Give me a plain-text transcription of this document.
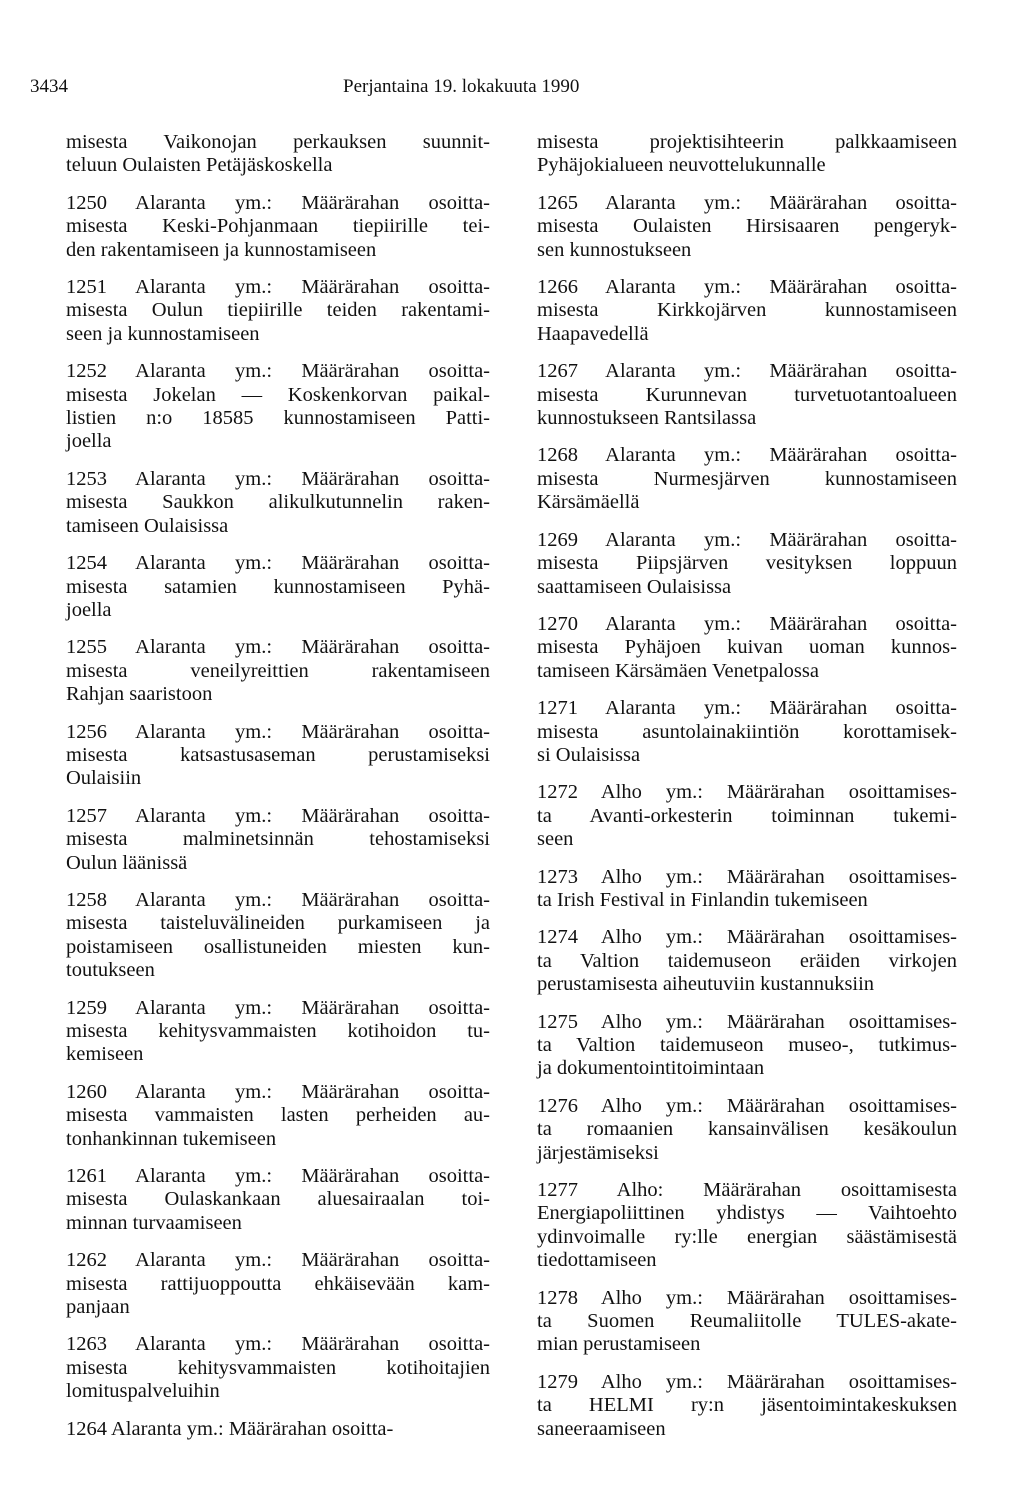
3434	Perjantaina 19. lokakuuta 1990
misesta Vaikonojan perkauksen suunnit-
teluun Oulaisten Petäjäskoskella
1250 Alaranta ym.: Määrärahan osoitta-
misesta Keski-Pohjanmaan tiepiirille tei-
den rakentamiseen ja kunnostamiseen
1251 Alaranta ym.: Määrärahan osoitta-
misesta Oulun tiepiirille teiden rakentami-
seen ja kunnostamiseen
1252 Alaranta ym.: Määrärahan osoitta-
misesta Jokelan — Koskenkorvan paikal-
listien n:o 18585 kunnostamiseen Patti-
joella
1253 Alaranta ym.: Määrärahan osoitta-
misesta Saukkon alikulkutunnelin raken-
tamiseen Oulaisissa
1254 Alaranta ym.: Määrärahan osoitta-
misesta satamien kunnostamiseen Pyhä-
joella
1255 Alaranta ym.: Määrärahan osoitta-
misesta veneilyreittien rakentamiseen
Rahjan saaristoon
1256 Alaranta ym.: Määrärahan osoitta-
misesta katsastusaseman perustamiseksi
Oulaisiin
1257 Alaranta ym.: Määrärahan osoitta-
misesta malminetsinnän tehostamiseksi
Oulun läänissä
1258 Alaranta ym.: Määrärahan osoitta-
misesta taisteluvälineiden purkamiseen ja
poistamiseen osallistuneiden miesten kun-
toutukseen
1259 Alaranta ym.: Määrärahan osoitta-
misesta kehitysvammaisten kotihoidon tu-
kemiseen
1260 Alaranta ym.: Määrärahan osoitta-
misesta vammaisten lasten perheiden au-
tonhankinnan tukemiseen
1261 Alaranta ym.: Määrärahan osoitta-
misesta Oulaskankaan aluesairaalan toi-
minnan turvaamiseen
1262 Alaranta ym.: Määrärahan osoitta-
misesta rattijuoppoutta ehkäisevään kam-
panjaan
1263 Alaranta ym.: Määrärahan osoitta-
misesta kehitysvammaisten kotihoitajien
lomituspalveluihin
1264 Alaranta ym.: Määrärahan osoitta-
misesta projektisihteerin palkkaamiseen
Pyhäjokialueen neuvottelukunnalle
1265 Alaranta ym.: Määrärahan osoitta-
misesta Oulaisten Hirsisaaren pengeryk-
sen kunnostukseen
1266 Alaranta ym.: Määrärahan osoitta-
misesta Kirkkojärven kunnostamiseen
Haapavedellä
1267 Alaranta ym.: Määrärahan osoitta-
misesta Kurunnevan turvetuotantoalueen
kunnostukseen Rantsilassa
1268 Alaranta ym.: Määrärahan osoitta-
misesta Nurmesjärven kunnostamiseen
Kärsämäellä
1269 Alaranta ym.: Määrärahan osoitta-
misesta Piipsjärven vesityksen loppuun
saattamiseen Oulaisissa
1270 Alaranta ym.: Määrärahan osoitta-
misesta Pyhäjoen kuivan uoman kunnos-
tamiseen Kärsämäen Venetpalossa
1271 Alaranta ym.: Määrärahan osoitta-
misesta asuntolainakiintiön korottamisek-
si Oulaisissa
1272 Alho ym.: Määrärahan osoittamises-
ta Avanti-orkesterin toiminnan tukemi-
seen
1273 Alho ym.: Määrärahan osoittamises-
ta Irish Festival in Finlandin tukemiseen
1274 Alho ym.: Määrärahan osoittamises-
ta Valtion taidemuseon eräiden virkojen
perustamisesta aiheutuviin kustannuksiin
1275 Alho ym.: Määrärahan osoittamises-
ta Valtion taidemuseon museo-, tutkimus-
ja dokumentointitoimintaan
1276 Alho ym.: Määrärahan osoittamises-
ta romaanien kansainvälisen kesäkoulun
järjestämiseksi
1277 Alho: Määrärahan osoittamisesta
Energiapoliittinen yhdistys — Vaihtoehto
ydinvoimalle ry:lle energian säästämisestä
tiedottamiseen
1278 Alho ym.: Määrärahan osoittamises-
ta Suomen Reumaliitolle TULES-akate-
mian perustamiseen
1279 Alho ym.: Määrärahan osoittamises-
ta HELMI ry:n jäsentoimintakeskuksen
saneeraamiseen
